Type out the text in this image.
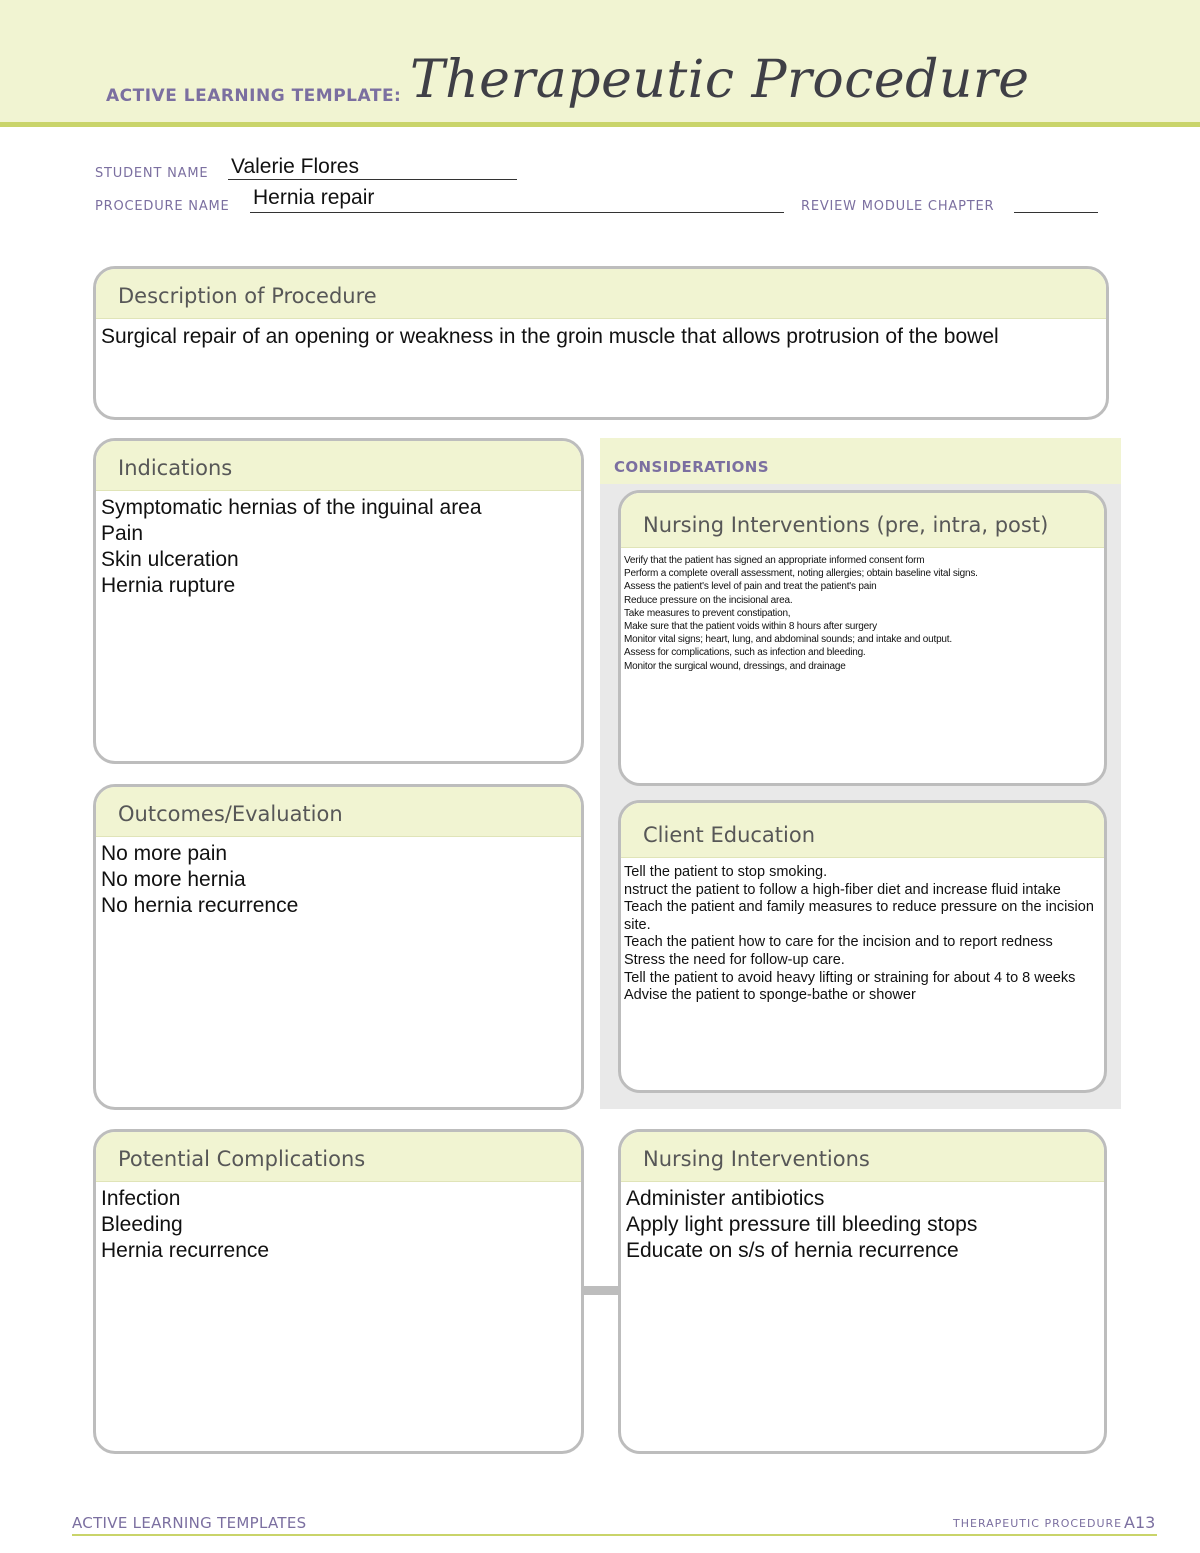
ACTIVE LEARNING TEMPLATE: Therapeutic Procedure
STUDENT NAME Valerie Flores
PROCEDURE NAME Hernia repair	REVIEW MODULE CHAPTER
Description of Procedure
Surgical repair of an opening or weakness in the groin muscle that allows protrusion of the bowel
Indications
Symptomatic hernias of the inguinal area
Pain
Skin ulceration
Hernia rupture
CONSIDERATIONS
Nursing Interventions (pre, intra, post)
Verify that the patient has signed an appropriate informed consent form
Perform a complete overall assessment, noting allergies; obtain baseline vital signs.
Assess the patient's level of pain and treat the patient's pain
Reduce pressure on the incisional area.
Take measures to prevent constipation,
Make sure that the patient voids within 8 hours after surgery
Monitor vital signs; heart, lung, and abdominal sounds; and intake and output.
Assess for complications, such as infection and bleeding.
Monitor the surgical wound, dressings, and drainage
Client Education
Tell the patient to stop smoking.
nstruct the patient to follow a high-fiber diet and increase fluid intake
Teach the patient and family measures to reduce pressure on the incision site.
Teach the patient how to care for the incision and to report redness
Stress the need for follow-up care.
Tell the patient to avoid heavy lifting or straining for about 4 to 8 weeks
Advise the patient to sponge-bathe or shower
Outcomes/Evaluation
No more pain
No more hernia
No hernia recurrence
Potential Complications
Infection
Bleeding
Hernia recurrence
Nursing Interventions
Administer antibiotics
Apply light pressure till bleeding stops
Educate on s/s of hernia recurrence
ACTIVE LEARNING TEMPLATES	THERAPEUTIC PROCEDURE A13
